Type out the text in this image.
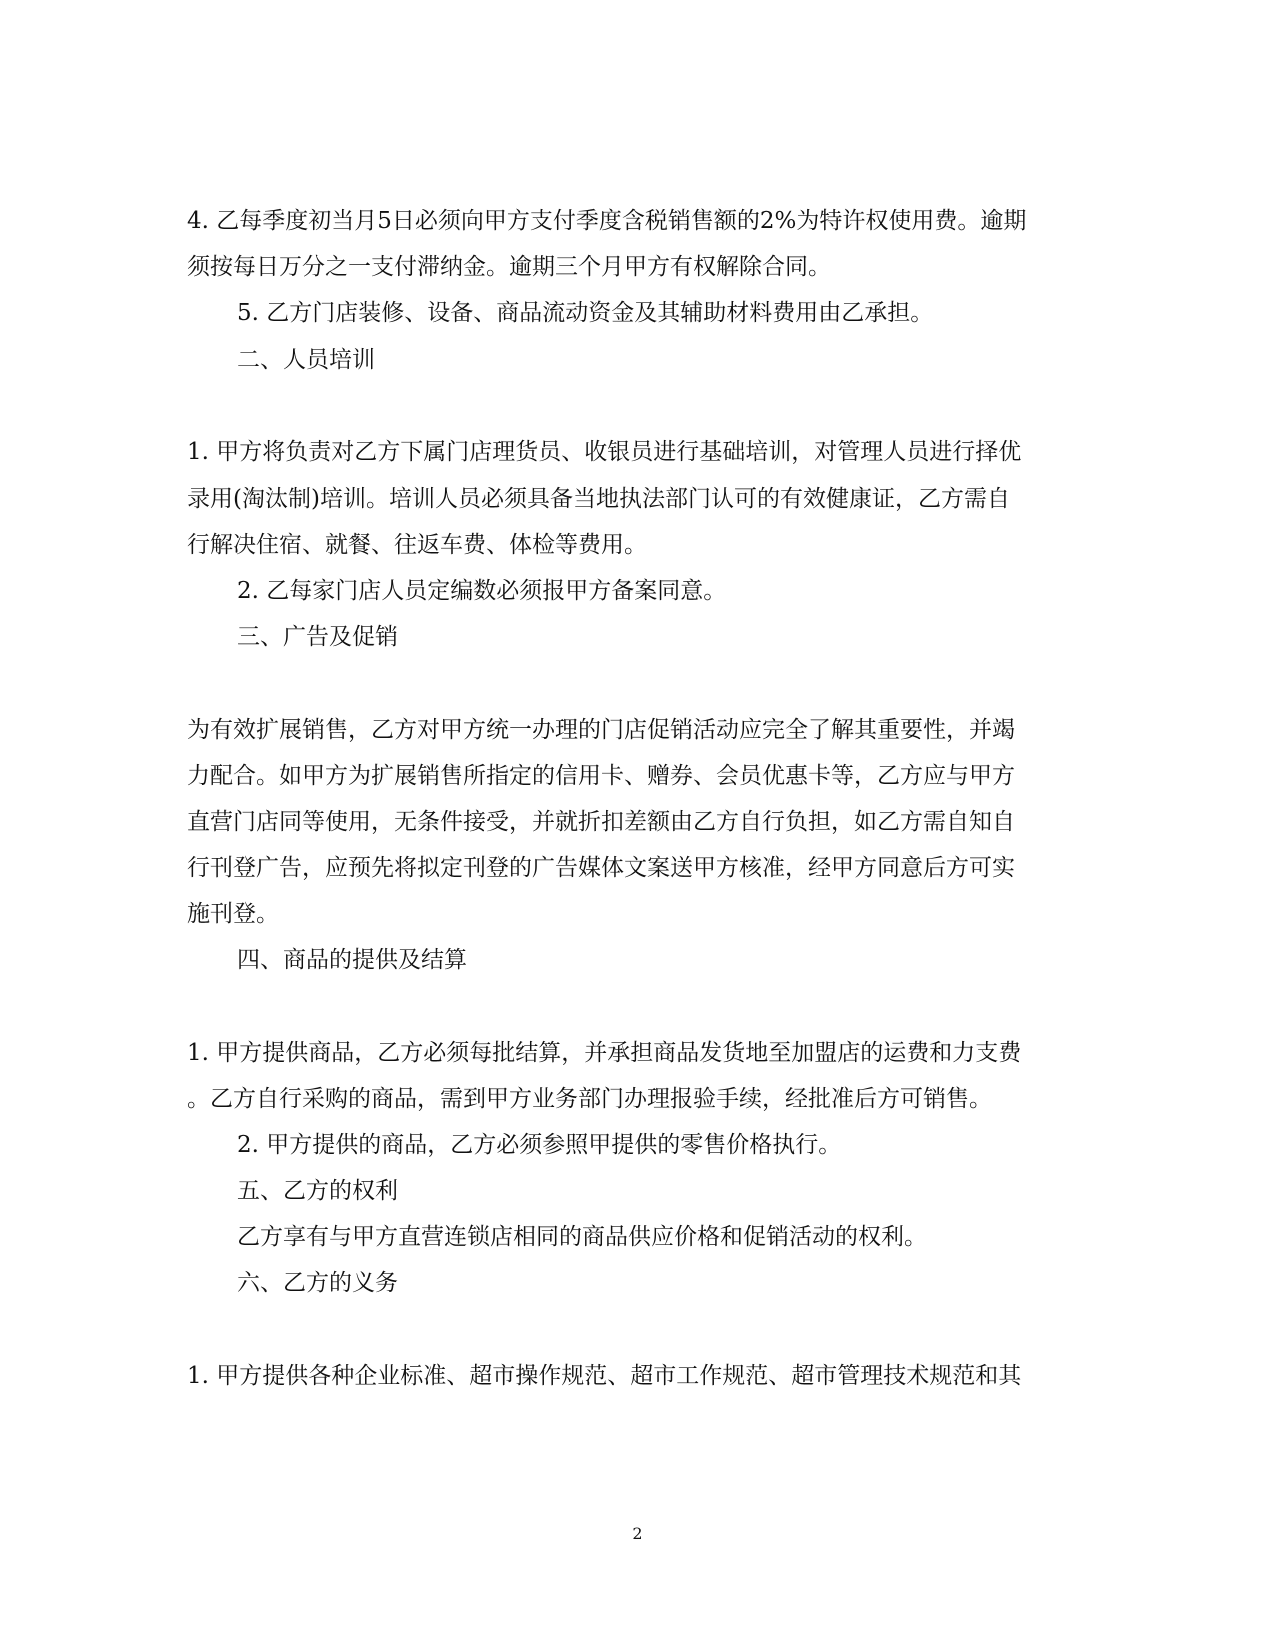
4. 乙每季度初当月5日必须向甲方支付季度含税销售额的2%为特许权使用费。逾期
须按每日万分之一支付滞纳金。逾期三个月甲方有权解除合同。
5. 乙方门店装修、设备、商品流动资金及其辅助材料费用由乙承担。
二、人员培训
1. 甲方将负责对乙方下属门店理货员、收银员进行基础培训，对管理人员进行择优
录用(淘汰制)培训。培训人员必须具备当地执法部门认可的有效健康证，乙方需自
行解决住宿、就餐、往返车费、体检等费用。
2. 乙每家门店人员定编数必须报甲方备案同意。
三、广告及促销
为有效扩展销售，乙方对甲方统一办理的门店促销活动应完全了解其重要性，并竭
力配合。如甲方为扩展销售所指定的信用卡、赠券、会员优惠卡等，乙方应与甲方
直营门店同等使用，无条件接受，并就折扣差额由乙方自行负担，如乙方需自知自
行刊登广告，应预先将拟定刊登的广告媒体文案送甲方核准，经甲方同意后方可实
施刊登。
四、商品的提供及结算
1. 甲方提供商品，乙方必须每批结算，并承担商品发货地至加盟店的运费和力支费
。乙方自行采购的商品，需到甲方业务部门办理报验手续，经批准后方可销售。
2. 甲方提供的商品，乙方必须参照甲提供的零售价格执行。
五、乙方的权利
乙方享有与甲方直营连锁店相同的商品供应价格和促销活动的权利。
六、乙方的义务
1. 甲方提供各种企业标准、超市操作规范、超市工作规范、超市管理技术规范和其
2
